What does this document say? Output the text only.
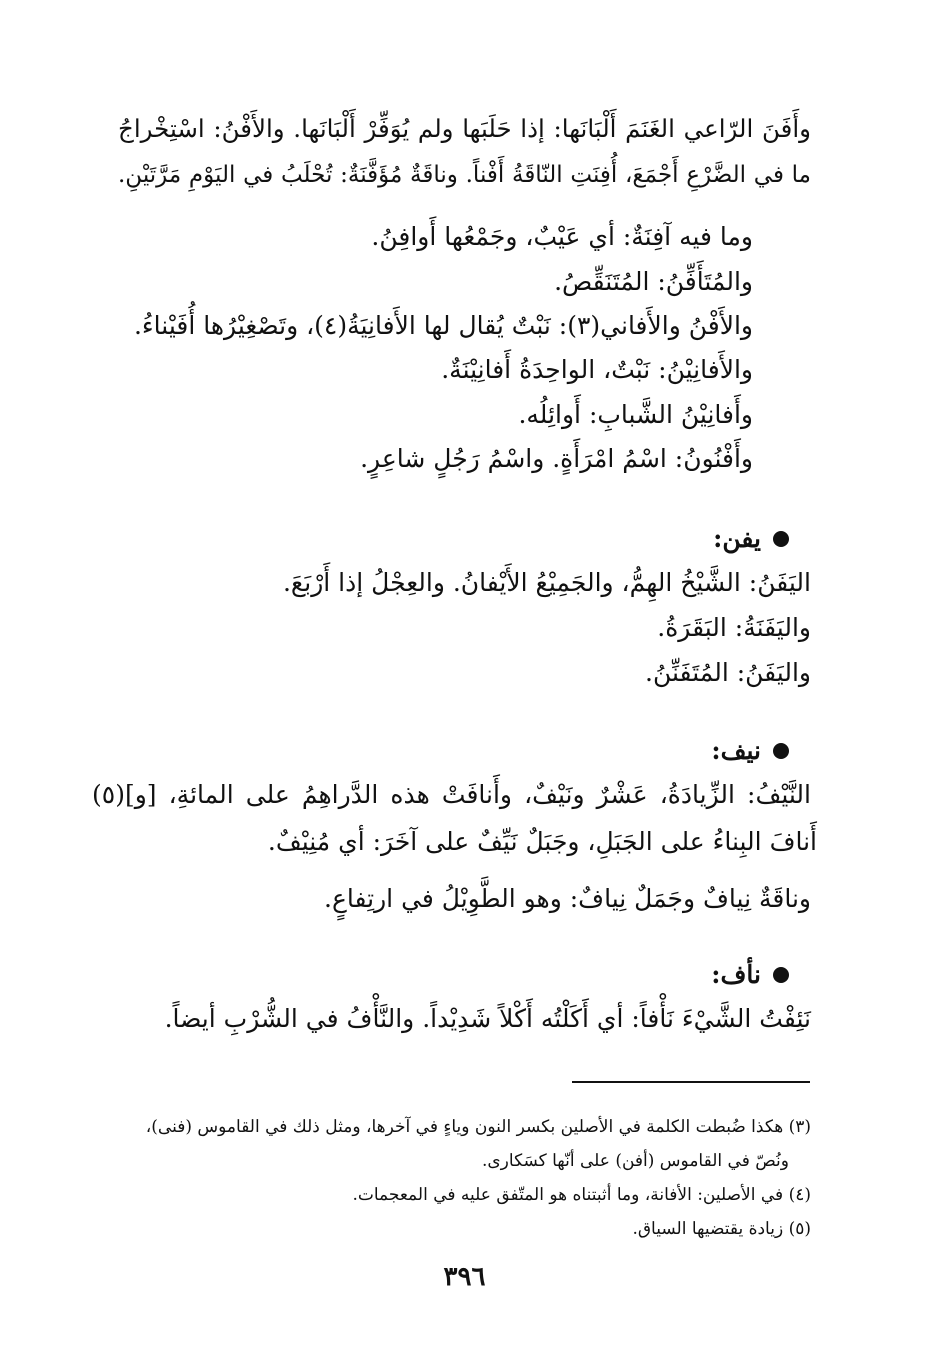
وأَفَنَ الرّاعي الغَنَمَ أَلْبَانَها: إذا حَلَبَها ولم يُوَفِّرْ أَلْبَانَها. والأَفْنُ: اسْتِخْراجُ
ما في الضَّرْعِ أَجْمَعَ، أُفِنَتِ النّاقَةُ أَفْناً. وناقَةٌ مُؤَفَّنَةٌ: تُحْلَبُ في اليَوْمِ مَرَّتَيْنِ.
وما فيه آفِنَةٌ: أي عَيْبٌ، وجَمْعُها أَوافِنُ.
والمُتَأَفِّنُ: المُتَنَقِّصُ.
والأَفْنُ والأَفاني(٣): نَبْتٌ يُقال لها الأَفانِيَةُ(٤)، وتَصْغِيْرُها أُفَيْناءُ.
والأَفانِيْنُ: نَبْتٌ، الواحِدَةُ أَفانِيْنَةٌ.
وأَفانِيْنُ الشَّبابِ: أَوائِلُه.
وأَفْنُونُ: اسْمُ امْرَأَةٍ. واسْمُ رَجُلٍ شاعِرٍ.
يفن:
اليَفَنُ: الشَّيْخُ الهِمُّ، والجَمِيْعُ الأَيْفانُ. والعِجْلُ إذا أَرْبَعَ.
واليَفَنَةُ: البَقَرَةُ.
واليَفَنُ: المُتَفَنِّنُ.
نيف:
النَّيْفُ: الزِّيادَةُ، عَشْرٌ ونَيْفٌ، وأَنافَتْ هذه الدَّراهِمُ على المائةِ، [و](٥)
أَنافَ البِناءُ على الجَبَلِ، وجَبَلٌ نَيِّفٌ على آخَرَ: أي مُنِيْفٌ.
وناقَةٌ نِيافٌ وجَمَلٌ نِيافٌ: وهو الطَّوِيْلُ في ارتِفاعٍ.
نأف:
نَئِفْتُ الشَّيْءَ نَأْفاً: أي أَكَلْتُه أَكْلاً شَدِيْداً. والنَّأْفُ في الشُّرْبِ أيضاً.
(٣) هكذا ضُبطت الكلمة في الأصلين بكسر النون وياءٍ في آخرها، ومثل ذلك في القاموس (فنى)،
ونُصّ في القاموس (أفن) على أنّها كسَكارى.
(٤) في الأصلين: الأفانة، وما أثبتناه هو المتّفق عليه في المعجمات.
(٥) زيادة يقتضيها السياق.
٣٩٦
